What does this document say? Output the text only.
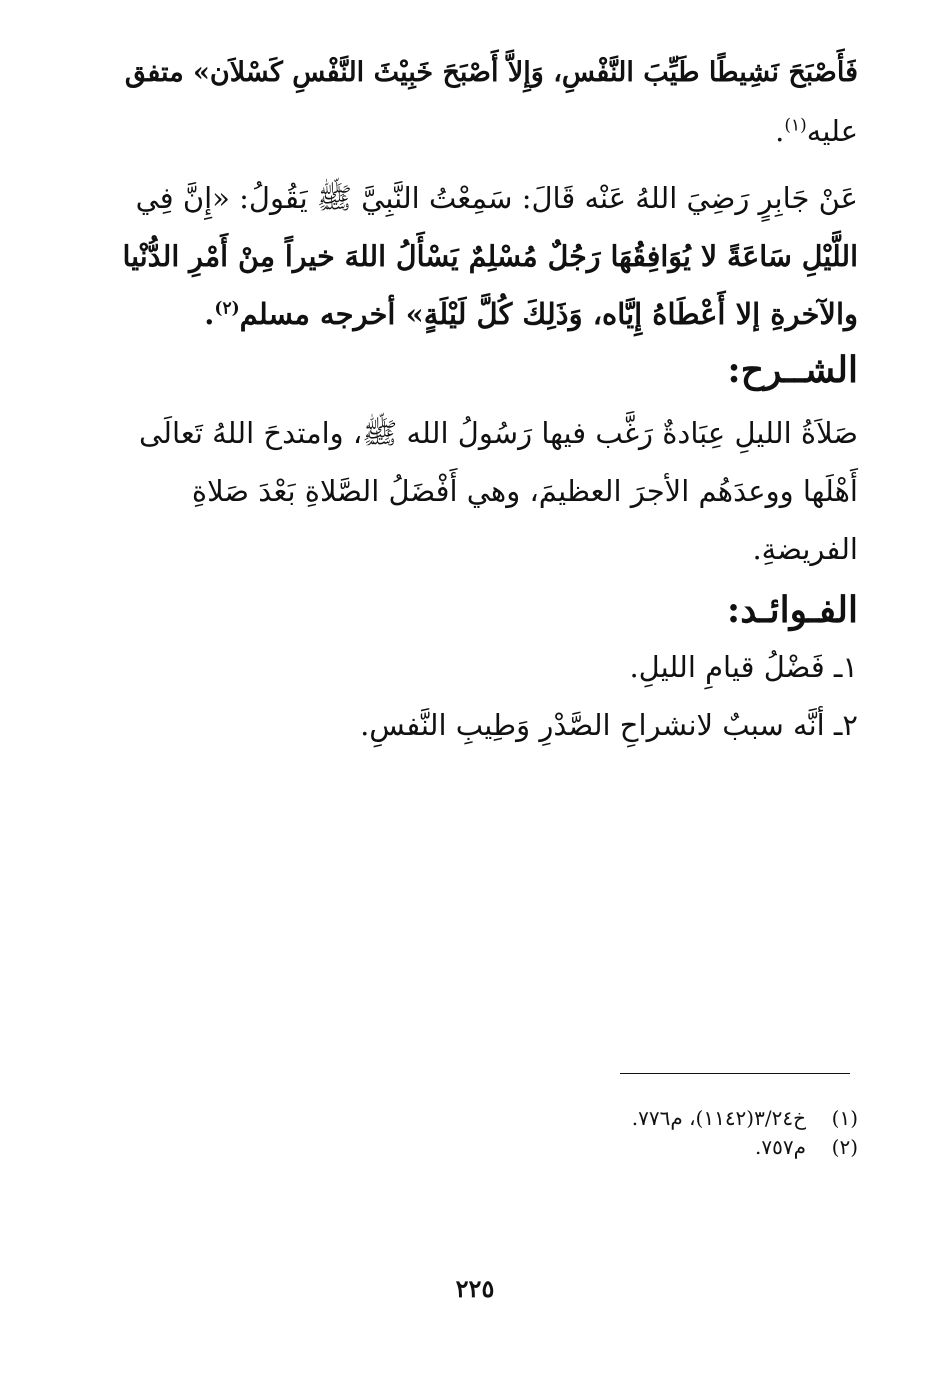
فَأَصْبَحَ نَشِيطًا طَيِّبَ النَّفْسِ، وَإِلاَّ أَصْبَحَ خَبِيْثَ النَّفْسِ كَسْلاَن» متفق
عليه$^{(١)}$.
عَنْ جَابِرٍ رَضِيَ اللهُ عَنْه قَالَ: سَمِعْتُ النَّبِيَّ ﷺ يَقُولُ: «إِنَّ فِي
اللَّيْلِ سَاعَةً لا يُوَافِقُهَا رَجُلٌ مُسْلِمٌ يَسْأَلُ اللهَ خيراً مِنْ أَمْرِ الدُّنْيا
والآخرةِ إلا أَعْطَاهُ إِيَّاه، وَذَلِكَ كُلَّ لَيْلَةٍ» أخرجه مسلم$^{(٢)}$.
الشــرح:
صَلاَةُ الليلِ عِبَادةٌ رَغَّب فيها رَسُولُ الله ﷺ، وامتدحَ اللهُ تَعالَى
أَهْلَها ووعدَهُم الأجرَ العظيمَ، وهي أَفْضَلُ الصَّلاةِ بَعْدَ صَلاةِ
الفريضةِ.
الفـوائـد:
١ـ فَضْلُ قيامِ الليلِ.
٢ـ أنَّه سببٌ لانشراحِ الصَّدْرِ وَطِيبِ النَّفسِ.
(١)
خ٣/٢٤(١١٤٢)، م٧٧٦.
(٢)
م٧٥٧.
٢٢٥
